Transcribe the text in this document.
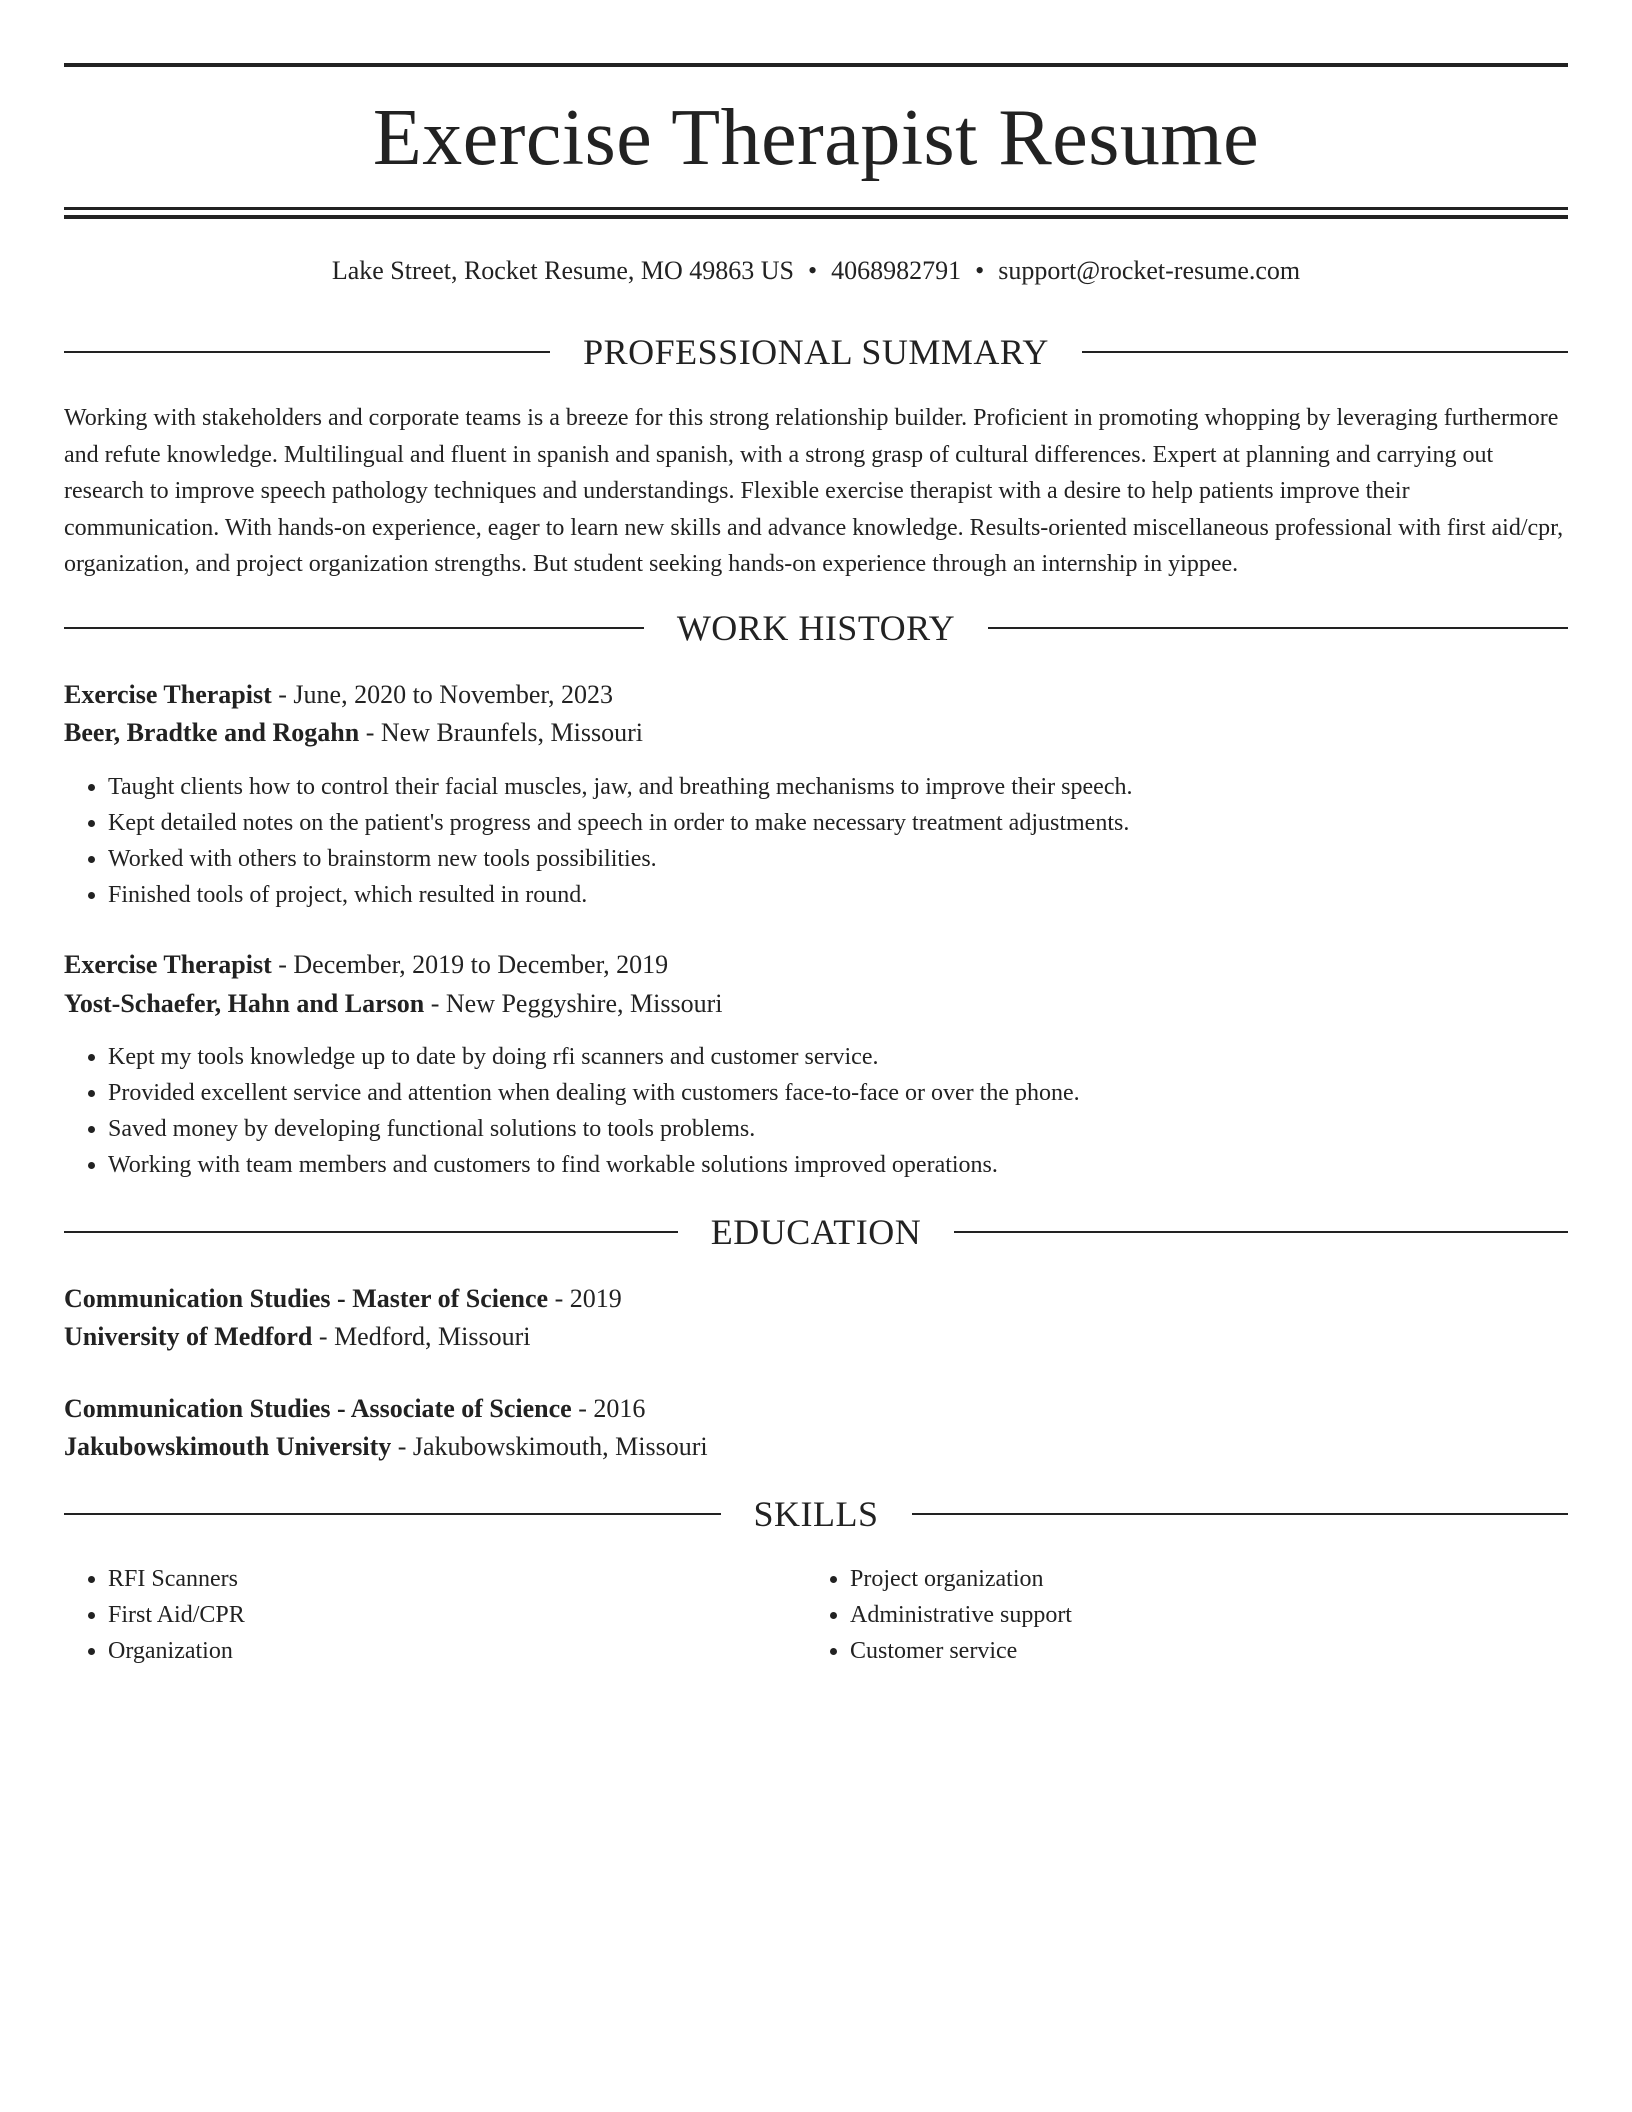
Exercise Therapist Resume
Lake Street, Rocket Resume, MO 49863 US • 4068982791 • support@rocket-resume.com
PROFESSIONAL SUMMARY

Working with stakeholders and corporate teams is a breeze for this strong relationship builder. Proficient in promoting whopping by leveraging furthermore and refute knowledge. Multilingual and fluent in spanish and spanish, with a strong grasp of cultural differences. Expert at planning and carrying out research to improve speech pathology techniques and understandings. Flexible exercise therapist with a desire to help patients improve their communication. With hands-on experience, eager to learn new skills and advance knowledge. Results-oriented miscellaneous professional with first aid/cpr, organization, and project organization strengths. But student seeking hands-on experience through an internship in yippee.

WORK HISTORY
Exercise Therapist - June, 2020 to November, 2023
Beer, Bradtke and Rogahn - New Braunfels, Missouri
• Taught clients how to control their facial muscles, jaw, and breathing mechanisms to improve their speech.
• Kept detailed notes on the patient's progress and speech in order to make necessary treatment adjustments.
• Worked with others to brainstorm new tools possibilities.
• Finished tools of project, which resulted in round.
Exercise Therapist - December, 2019 to December, 2019
Yost-Schaefer, Hahn and Larson - New Peggyshire, Missouri
• Kept my tools knowledge up to date by doing rfi scanners and customer service.
• Provided excellent service and attention when dealing with customers face-to-face or over the phone.
• Saved money by developing functional solutions to tools problems.
• Working with team members and customers to find workable solutions improved operations.
EDUCATION
Communication Studies - Master of Science - 2019
University of Medford - Medford, Missouri
Communication Studies - Associate of Science - 2016
Jakubowskimouth University - Jakubowskimouth, Missouri
SKILLS
• RFI Scanners
• First Aid/CPR
• Organization
• Project organization
• Administrative support
• Customer service
